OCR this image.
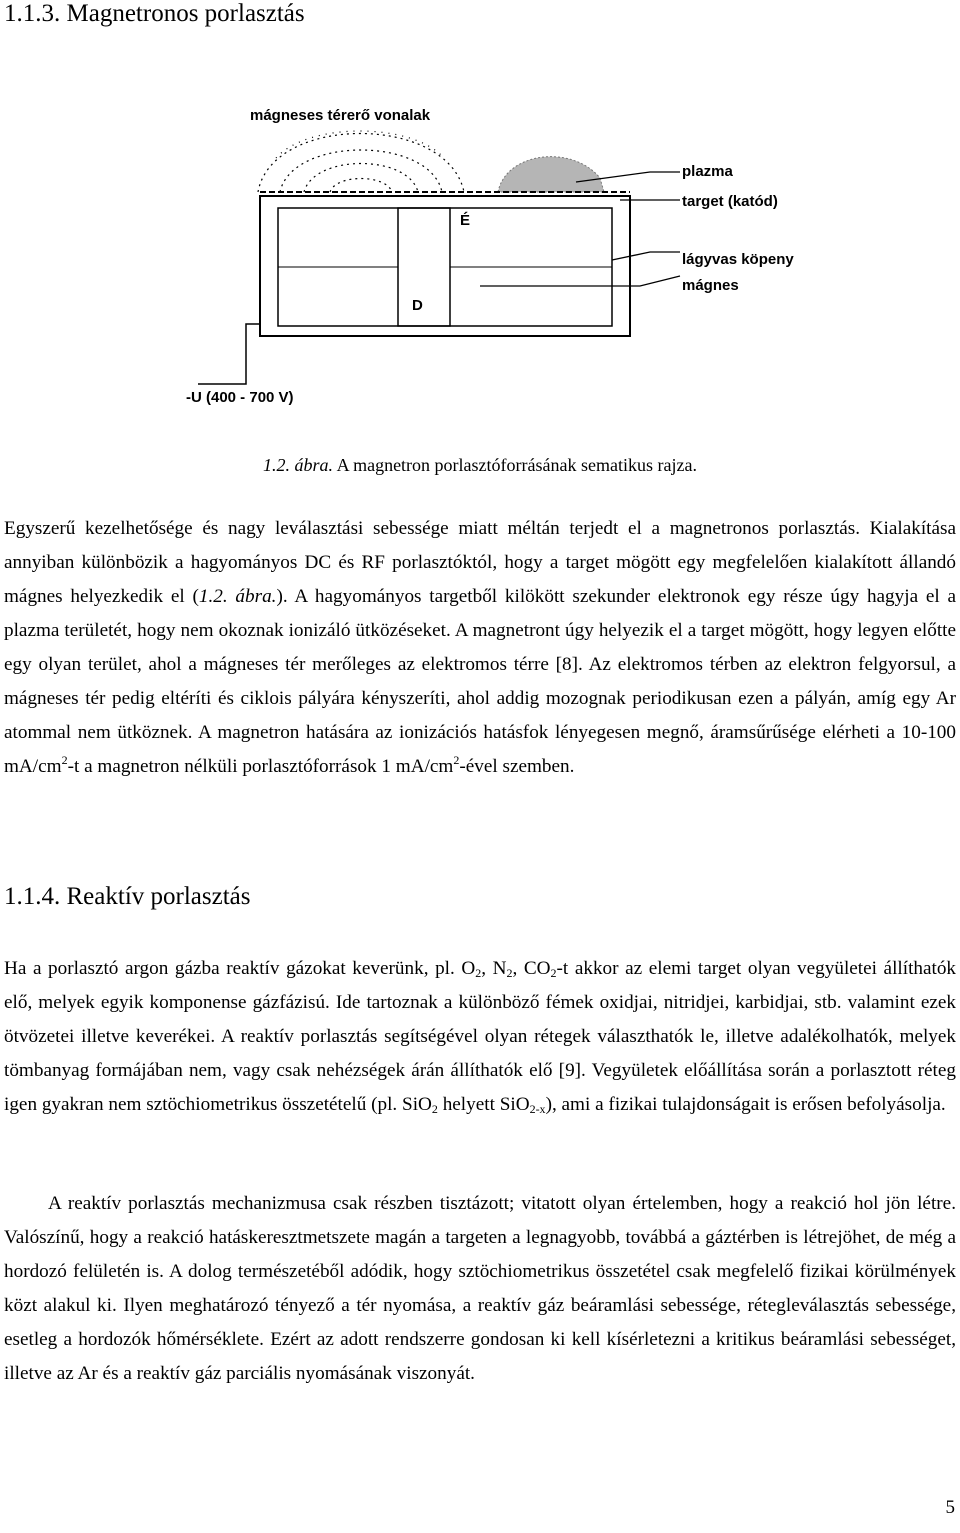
1.1.3. Magnetronos porlasztás
É
D
-U (400 - 700 V)
mágneses térerő vonalak
plazma
target (katód)
lágyvas köpeny
mágnes
1.2. ábra. A magnetron porlasztóforrásának sematikus rajza.

Egyszerű kezelhetősége és nagy leválasztási sebessége miatt méltán terjedt el a magnetronos porlasztás. Kialakítása annyiban különbözik a hagyományos DC és RF porlasztóktól, hogy a target mögött egy megfelelően kialakított állandó mágnes helyezkedik el (1.2. ábra.). A hagyományos targetből kilökött szekunder elektronok egy része úgy hagyja el a plazma területét, hogy nem okoznak ionizáló ütközéseket. A magnetront úgy helyezik el a target mögött, hogy legyen előtte egy olyan terület, ahol a mágneses tér merőleges az elektromos térre [8]. Az elektromos térben az elektron felgyorsul, a mágneses tér pedig eltéríti és ciklois pályára kényszeríti, ahol addig mozognak periodikusan ezen a pályán, amíg egy Ar atommal nem ütköznek. A magnetron hatására az ionizációs hatásfok lényegesen megnő, áramsűrűsége elérheti a 10-100 $mA/cm^2-t$ a magnetron nélküli porlasztóforrások 1 $mA/cm^2$-ével szemben.

1.1.4. Reaktív porlasztás

Ha a porlasztó argon gázba reaktív gázokat keverünk, pl. $O_2$, $N_2$, $CO_2-t$ akkor az elemi target olyan vegyületei állíthatók elő, melyek egyik komponense gázfázisú. Ide tartoznak a különböző fémek oxidjai, nitridjei, karbidjai, stb. valamint ezek ötvözetei illetve keverékei. A reaktív porlasztás segítségével olyan rétegek választhatók le, illetve adalékolhatók, melyek tömbanyag formájában nem, vagy csak nehézségek árán állíthatók elő [9]. Vegyületek előállítása során a porlasztott réteg igen gyakran nem sztöchiometrikus összetételű (pl. SiO$_2$ helyett SiO$_{2-x}$), ami a fizikai tulajdonságait is erősen befolyásolja.

A reaktív porlasztás mechanizmusa csak részben tisztázott; vitatott olyan értelemben, hogy a reakció hol jön létre. Valószínű, hogy a reakció hatáskeresztmetszete magán a targeten a legnagyobb, továbbá a gáztérben is létrejöhet, de még a hordozó felületén is. A dolog természetéből adódik, hogy sztöchiometrikus összetétel csak megfelelő fizikai körülmények közt alakul ki. Ilyen meghatározó tényező a tér nyomása, a reaktív gáz beáramlási sebessége, rétegleválasztás sebessége, esetleg a hordozók hőmérséklete. Ezért az adott rendszerre gondosan ki kell kísérletezni a kritikus beáramlási sebességet, illetve az Ar és a reaktív gáz parciális nyomásának viszonyát.

5
